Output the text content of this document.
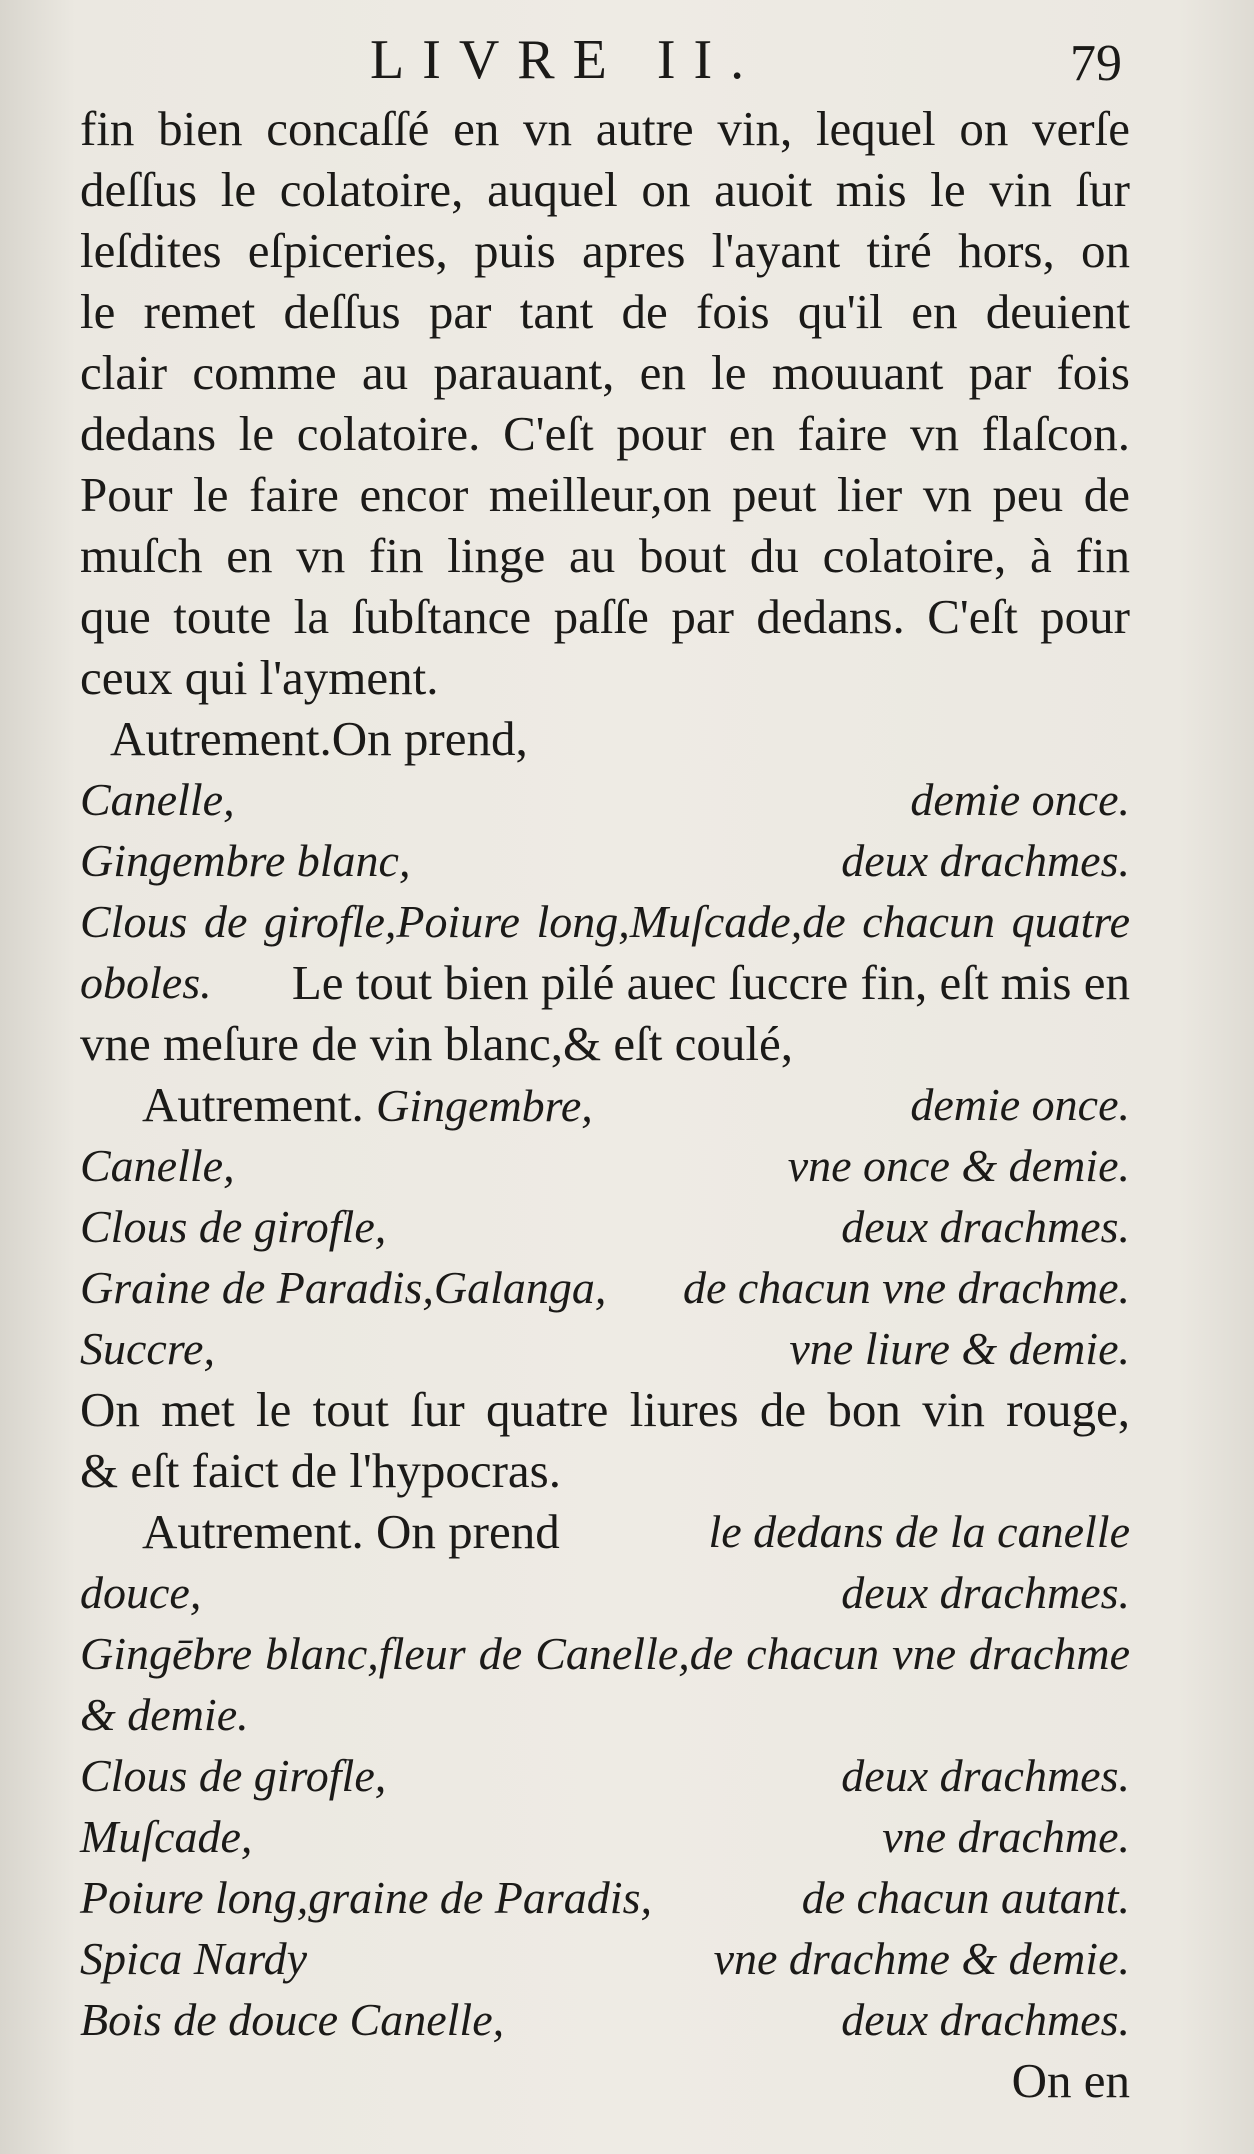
LIVRE II.	79
fin bien concaſſé en vn autre vin, lequel on verſe
deſſus le colatoire, auquel on auoit mis le vin ſur
leſdites eſpiceries, puis apres l'ayant tiré hors, on
le remet deſſus par tant de fois qu'il en deuient
clair comme au parauant, en le mouuant par fois
dedans le colatoire. C'eſt pour en faire vn flaſcon.
Pour le faire encor meilleur,on peut lier vn peu de
muſch en vn fin linge au bout du colatoire, à fin
que toute la ſubſtance paſſe par dedans. C'eſt pour
ceux qui l'ayment.
Autrement.On prend,
Canelle,	demie once.
Gingembre blanc,	deux drachmes.
Clous de girofle,Poiure long,Muſcade,de chacun quatre
oboles. Le tout bien pilé auec ſuccre fin, eſt mis en
vne meſure de vin blanc,& eſt coulé,
Autrement. Gingembre,	demie once.
Canelle,	vne once & demie.
Clous de girofle,	deux drachmes.
Graine de Paradis,Galanga, de chacun vne drachme.
Succre,	vne liure & demie.
On met le tout ſur quatre liures de bon vin rouge,
& eſt faict de l'hypocras.
Autrement. On prend	le dedans de la canelle
douce,	deux drachmes.
Gingēbre blanc,fleur de Canelle,de chacun vne drachme
& demie.
Clous de girofle,	deux drachmes.
Muſcade,	vne drachme.
Poiure long,graine de Paradis,	de chacun autant.
Spica Nardy	vne drachme & demie.
Bois de douce Canelle,	deux drachmes.
On en
